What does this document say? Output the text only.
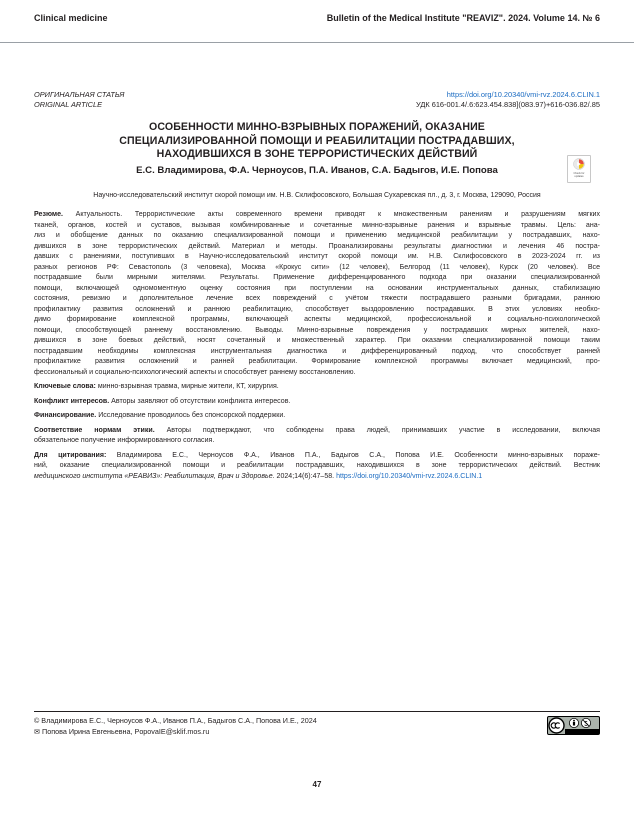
Clinical medicine	Bulletin of the Medical Institute "REAVIZ". 2024. Volume 14. № 6
ОРИГИНАЛЬНАЯ СТАТЬЯ	https://doi.org/10.20340/vmi-rvz.2024.6.CLIN.1
ORIGINAL ARTICLE	УДК 616-001.4/.6:623.454.838](083.97)+616-036.82/.85
ОСОБЕННОСТИ МИННО-ВЗРЫВНЫХ ПОРАЖЕНИЙ, ОКАЗАНИЕ
СПЕЦИАЛИЗИРОВАННОЙ ПОМОЩИ И РЕАБИЛИТАЦИИ ПОСТРАДАВШИХ,
НАХОДИВШИХСЯ В ЗОНЕ ТЕРРОРИСТИЧЕСКИХ ДЕЙСТВИЙ
Check for
updates
Е.С. Владимирова, Ф.А. Черноусов, П.А. Иванов, С.А. Бадыгов, И.Е. Попова
Научно-исследовательский институт скорой помощи им. Н.В. Склифосовского, Большая Сухаревская пл., д. 3, г. Москва, 129090, Россия
Резюме. Актуальность. Террористические акты современного времени приводят к множественным ранениям и разрушениям мягких
тканей, органов, костей и суставов, вызывая комбинированные и сочетанные минно-взрывные ранения и взрывные травмы. Цель: ана-
лиз и обобщение данных по оказанию специализированной помощи и применению медицинской реабилитации у пострадавших, нахо-
дившихся в зоне террористических действий. Материал и методы. Проанализированы результаты диагностики и лечения 46 постра-
давших с ранениями, поступивших в Научно-исследовательский институт скорой помощи им. Н.В. Склифосовского в 2023-2024 гг. из
разных регионов РФ: Севастополь (3 человека), Москва «Крокус сити» (12 человек), Белгород (11 человек), Курск (20 человек). Все
пострадавшие были мирными жителями. Результаты. Применение дифференцированного подхода при оказании специализированной
помощи, включающей одномоментную оценку состояния при поступлении на основании инструментальных данных, стабилизацию
состояния, ревизию и дополнительное лечение всех повреждений с учётом тяжести пострадавшего разными бригадами, раннюю
профилактику развития осложнений и раннюю реабилитацию, способствует выздоровлению пострадавших. В этих условиях необхо-
димо формирование комплексной программы, включающей аспекты медицинской, профессиональной и социально-психологической
помощи, способствующей раннему восстановлению. Выводы. Минно-взрывные повреждения у пострадавших мирных жителей, нахо-
дившихся в зоне боевых действий, носят сочетанный и множественный характер. При оказании специализированной помощи таким
пострадавшим необходимы комплексная инструментальная диагностика и дифференцированный подход, что способствует ранней
профилактике развития осложнений и ранней реабилитации. Формирование комплексной программы включает медицинский, про-
фессиональный и социально-психологический аспекты и способствует раннему восстановлению.
Ключевые слова: минно-взрывная травма, мирные жители, КТ, хирургия.
Конфликт интересов. Авторы заявляют об отсутствии конфликта интересов.
Финансирование. Исследование проводилось без спонсорской поддержки.
Соответствие нормам этики. Авторы подтверждают, что соблюдены права людей, принимавших участие в исследовании, включая
обязательное получение информированного согласия.
Для цитирования: Владимирова Е.С., Черноусов Ф.А., Иванов П.А., Бадыгов С.А., Попова И.Е. Особенности минно-взрывных пораже-
ний, оказание специализированной помощи и реабилитации пострадавших, находившихся в зоне террористических действий. Вестник
медицинского института «РЕАВИЗ»: Реабилитация, Врач и Здоровье. 2024;14(6):47–58. https://doi.org/10.20340/vmi-rvz.2024.6.CLIN.1
© Владимирова Е.С., Черноусов Ф.А., Иванов П.А., Бадыгов С.А., Попова И.Е., 2024
✉ Попова Ирина Евгеньевна, PopovaIE@sklif.mos.ru
47
